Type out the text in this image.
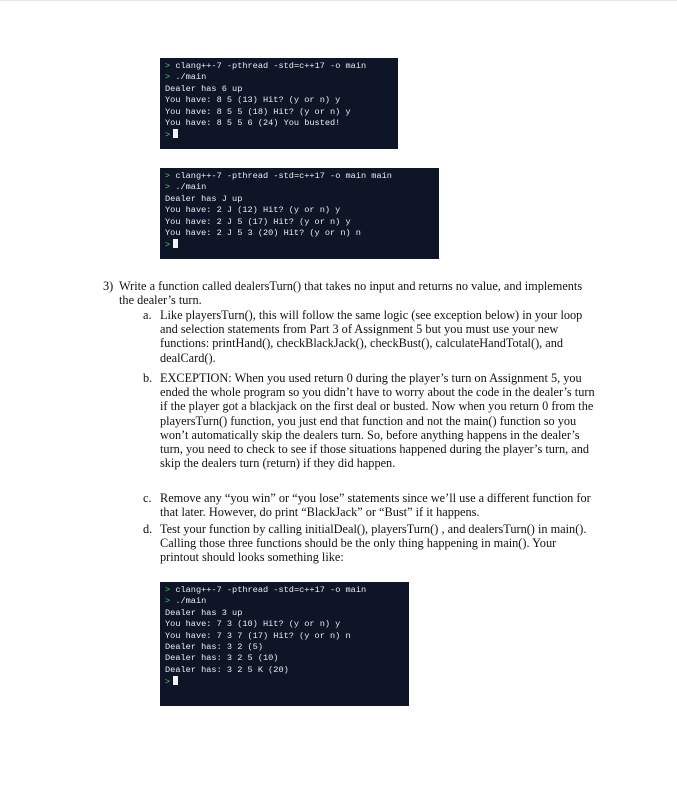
> clang++-7 -pthread -std=c++17 -o main
> ./main
Dealer has 6 up
You have: 8 5 (13) Hit? (y or n) y
You have: 8 5 5 (18) Hit? (y or n) y
You have: 8 5 5 6 (24) You busted!
>
> clang++-7 -pthread -std=c++17 -o main main
> ./main
Dealer has J up
You have: 2 J (12) Hit? (y or n) y
You have: 2 J 5 (17) Hit? (y or n) y
You have: 2 J 5 3 (20) Hit? (y or n) n
>
3) Write a function called dealersTurn() that takes no input and returns no value, and implements the dealer’s turn.
a. Like playersTurn(), this will follow the same logic (see exception below) in your loop and selection statements from Part 3 of Assignment 5 but you must use your new functions: printHand(), checkBlackJack(), checkBust(), calculateHandTotal(), and dealCard().
b. EXCEPTION: When you used return 0 during the player’s turn on Assignment 5, you ended the whole program so you didn’t have to worry about the code in the dealer’s turn if the player got a blackjack on the first deal or busted. Now when you return 0 from the playersTurn() function, you just end that function and not the main() function so you won’t automatically skip the dealers turn. So, before anything happens in the dealer’s turn, you need to check to see if those situations happened during the player’s turn, and skip the dealers turn (return) if they did happen.
c. Remove any “you win” or “you lose” statements since we’ll use a different function for that later. However, do print “BlackJack” or “Bust” if it happens.
d. Test your function by calling initialDeal(), playersTurn() , and dealersTurn() in main(). Calling those three functions should be the only thing happening in main(). Your printout should looks something like:
> clang++-7 -pthread -std=c++17 -o main
> ./main
Dealer has 3 up
You have: 7 3 (10) Hit? (y or n) y
You have: 7 3 7 (17) Hit? (y or n) n
Dealer has: 3 2 (5)
Dealer has: 3 2 5 (10)
Dealer has: 3 2 5 K (20)
>
